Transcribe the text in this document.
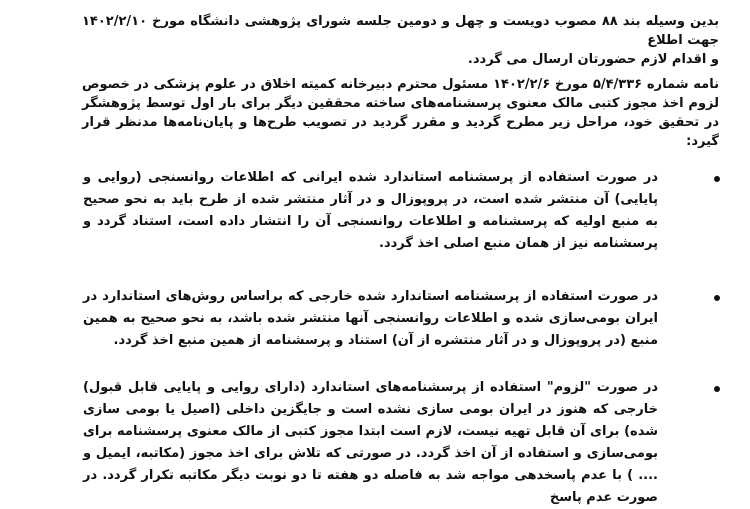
بدین وسیله بند ۸۸ مصوب دویست و چهل و دومین جلسه شورای پژوهشی دانشگاه مورخ ۱۴۰۲/۲/۱۰ جهت اطلاع
و اقدام لازم حضورتان ارسال می گردد.

نامه شماره ۵/۴/۳۳۶ مورخ ۱۴۰۲/۲/۶ مسئول محترم دبیرخانه کمیته اخلاق در علوم پزشکی در خصوص لزوم اخذ مجوز کتبی مالک معنوی پرسشنامه‌های ساخته محققین دیگر برای بار اول توسط پژوهشگر در تحقیق خود، مراحل زیر مطرح گردید و مقرر گردید در تصویب طرح‌ها و پایان‌نامه‌ها مدنظر قرار گیرد:

در صورت استفاده از پرسشنامه استاندارد شده ایرانی که اطلاعات روانسنجی (روایی و پایایی) آن منتشر شده است، در پروپوزال و در آثار منتشر شده از طرح باید به نحو صحیح به منبع اولیه که پرسشنامه و اطلاعات روانسنجی آن را انتشار داده است، استناد گردد و پرسشنامه نیز از همان منبع اصلی اخذ گردد.

در صورت استفاده از پرسشنامه استاندارد شده خارجی که براساس روش‌های استاندارد در ایران بومی‌سازی شده و اطلاعات روانسنجی آنها منتشر شده باشد، به نحو صحیح به همین منبع (در پروپوزال و در آثار منتشره از آن) استناد و پرسشنامه از همین منبع اخذ گردد.

در صورت "لزوم" استفاده از پرسشنامه‌های استاندارد (دارای روایی و پایایی قابل قبول) خارجی که هنوز در ایران بومی سازی نشده است و جایگزین داخلی (اصیل یا بومی سازی شده) برای آن قابل تهیه نیست، لازم است ابتدا مجوز کتبی از مالک معنوی پرسشنامه برای بومی‌سازی و استفاده از آن اخذ گردد. در صورتی که تلاش برای اخذ مجوز (مکاتبه، ایمیل و .... ) با عدم پاسخدهی مواجه شد به فاصله دو هفته تا دو نوبت دیگر مکاتبه تکرار گردد. در صورت عدم پاسخ
